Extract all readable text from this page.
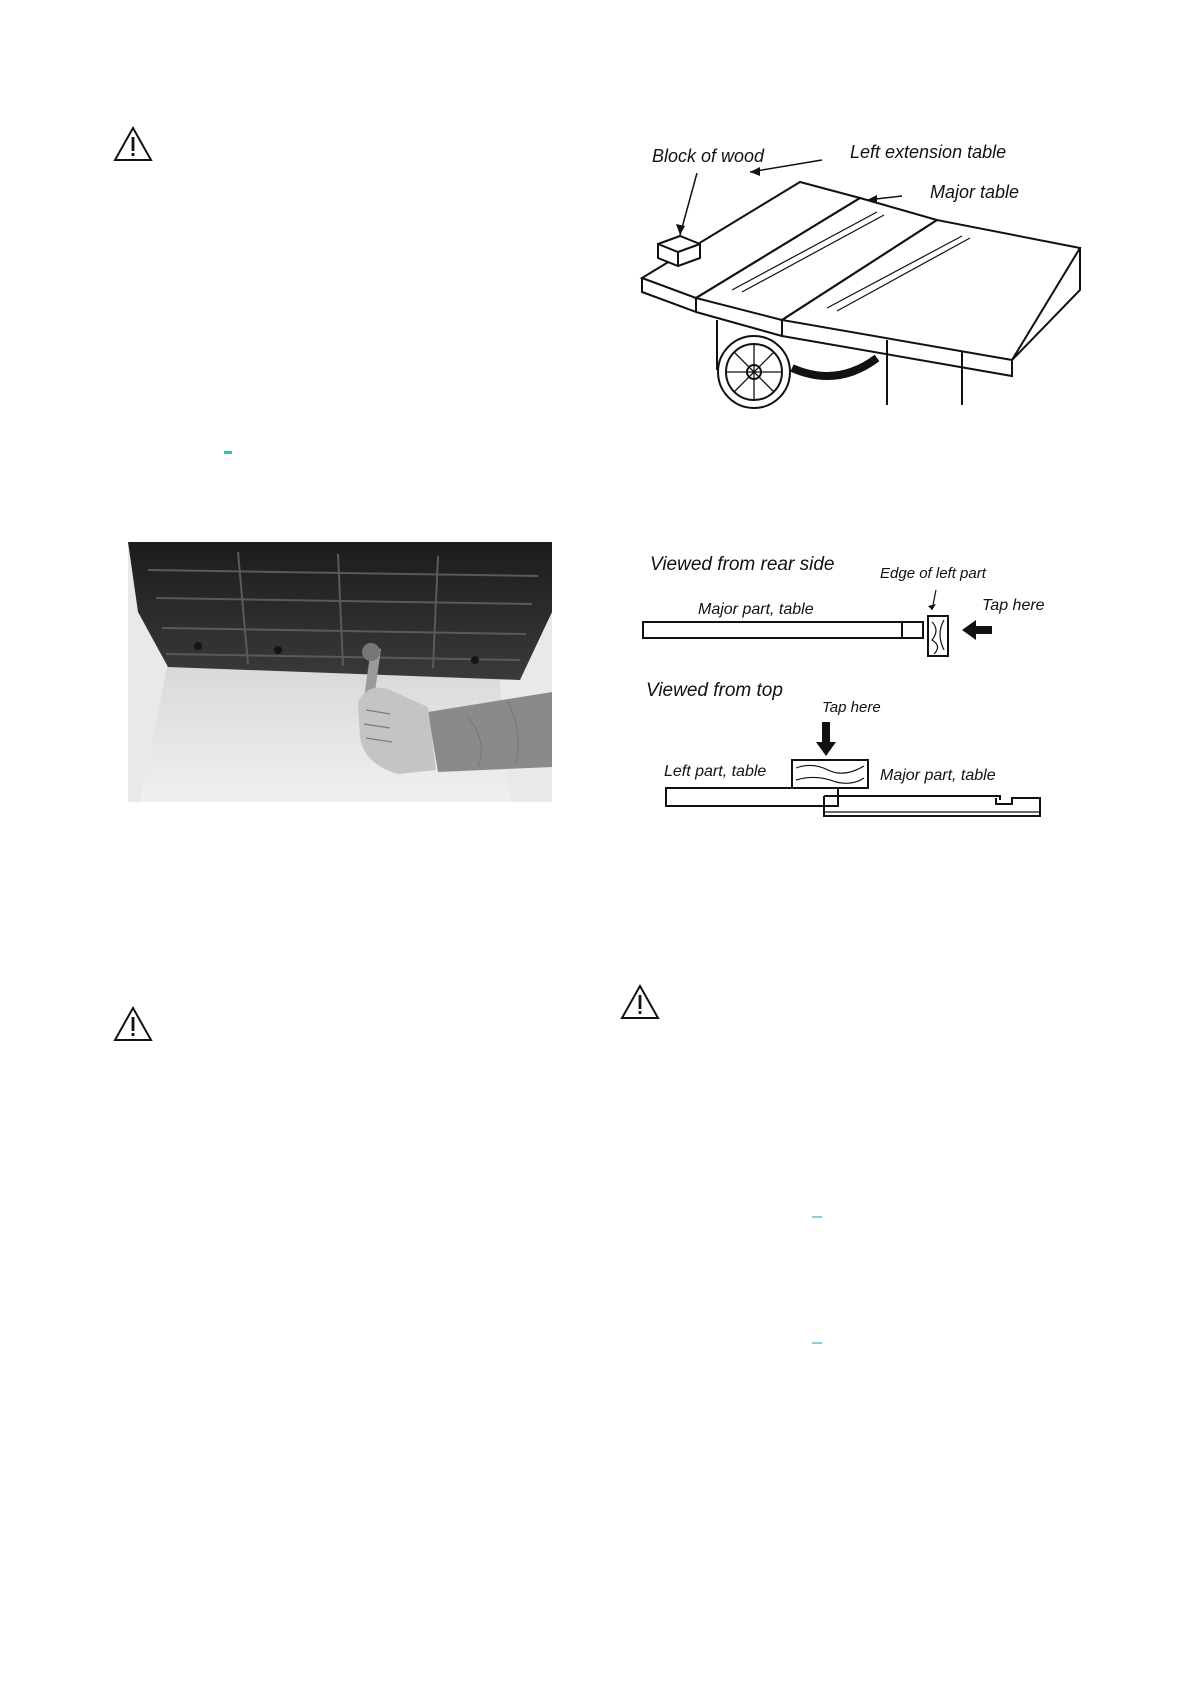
Block of wood	Left extension table
Major table
Viewed from rear side	Edge of left part
Major part, table	Tap here
Viewed from top
Tap here
Left part, table	Major part, table
